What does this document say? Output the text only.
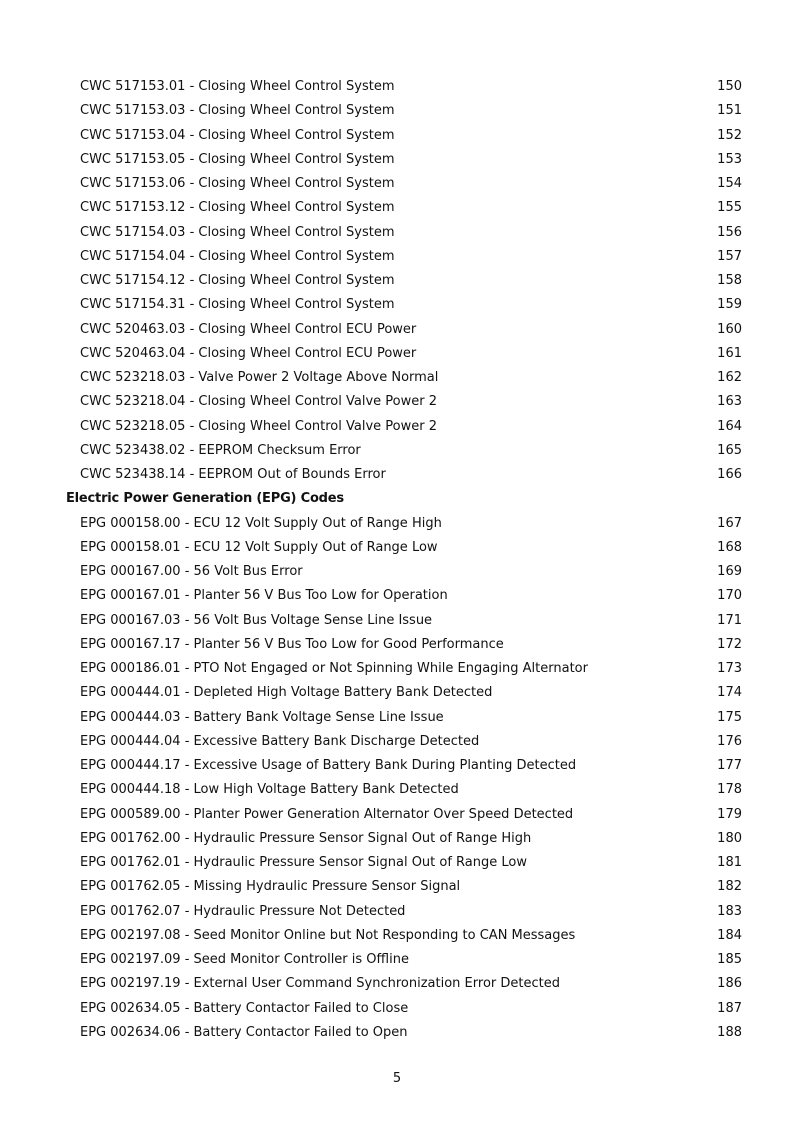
CWC 517153.01 - Closing Wheel Control System	150
CWC 517153.03 - Closing Wheel Control System	151
CWC 517153.04 - Closing Wheel Control System	152
CWC 517153.05 - Closing Wheel Control System	153
CWC 517153.06 - Closing Wheel Control System	154
CWC 517153.12 - Closing Wheel Control System	155
CWC 517154.03 - Closing Wheel Control System	156
CWC 517154.04 - Closing Wheel Control System	157
CWC 517154.12 - Closing Wheel Control System	158
CWC 517154.31 - Closing Wheel Control System	159
CWC 520463.03 - Closing Wheel Control ECU Power	160
CWC 520463.04 - Closing Wheel Control ECU Power	161
CWC 523218.03 - Valve Power 2 Voltage Above Normal	162
CWC 523218.04 - Closing Wheel Control Valve Power 2	163
CWC 523218.05 - Closing Wheel Control Valve Power 2	164
CWC 523438.02 - EEPROM Checksum Error	165
CWC 523438.14 - EEPROM Out of Bounds Error	166
Electric Power Generation (EPG) Codes
EPG 000158.00 - ECU 12 Volt Supply Out of Range High	167
EPG 000158.01 - ECU 12 Volt Supply Out of Range Low	168
EPG 000167.00 - 56 Volt Bus Error	169
EPG 000167.01 - Planter 56 V Bus Too Low for Operation	170
EPG 000167.03 - 56 Volt Bus Voltage Sense Line Issue	171
EPG 000167.17 - Planter 56 V Bus Too Low for Good Performance	172
EPG 000186.01 - PTO Not Engaged or Not Spinning While Engaging Alternator	173
EPG 000444.01 - Depleted High Voltage Battery Bank Detected	174
EPG 000444.03 - Battery Bank Voltage Sense Line Issue	175
EPG 000444.04 - Excessive Battery Bank Discharge Detected	176
EPG 000444.17 - Excessive Usage of Battery Bank During Planting Detected	177
EPG 000444.18 - Low High Voltage Battery Bank Detected	178
EPG 000589.00 - Planter Power Generation Alternator Over Speed Detected	179
EPG 001762.00 - Hydraulic Pressure Sensor Signal Out of Range High	180
EPG 001762.01 - Hydraulic Pressure Sensor Signal Out of Range Low	181
EPG 001762.05 - Missing Hydraulic Pressure Sensor Signal	182
EPG 001762.07 - Hydraulic Pressure Not Detected	183
EPG 002197.08 - Seed Monitor Online but Not Responding to CAN Messages	184
EPG 002197.09 - Seed Monitor Controller is Offline	185
EPG 002197.19 - External User Command Synchronization Error Detected	186
EPG 002634.05 - Battery Contactor Failed to Close	187
EPG 002634.06 - Battery Contactor Failed to Open	188
5
